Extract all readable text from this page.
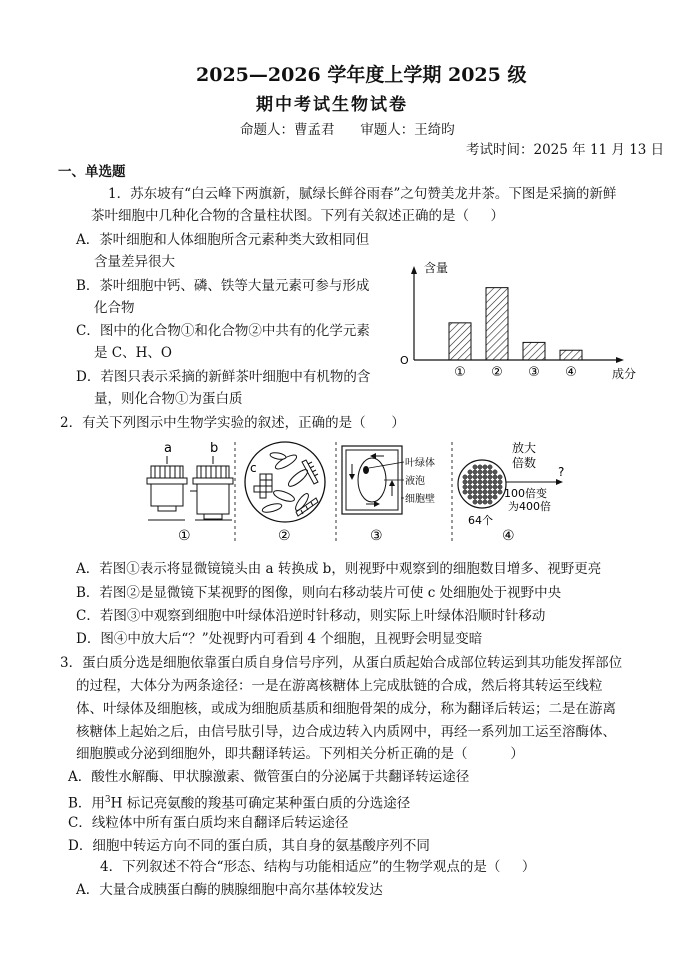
2025—2026 学年度上学期 2025 级
期中考试生物试卷
命题人：曹孟君      审题人：王绮昀
考试时间：2025 年 11 月 13 日
一、单选题
1．苏东坡有“白云峰下两旗新，腻绿长鲜谷雨春”之句赞美龙井茶。下图是采摘的新鲜
茶叶细胞中几种化合物的含量柱状图。下列有关叙述正确的是（     ）
A．茶叶细胞和人体细胞所含元素种类大致相同但
含量差异很大
B．茶叶细胞中钙、磷、铁等大量元素可参与形成
化合物
C．图中的化合物①和化合物②中共有的化学元素
是 C、H、O
D．若图只表示采摘的新鲜茶叶细胞中有机物的含
量，则化合物①为蛋白质
含量
成分
O
① ② ③ ④
2．有关下列图示中生物学实验的叙述，正确的是（      ）
a	b
①
c
②
叶绿体
液泡
细胞壁
③
放大
倍数
?
100倍变
为400倍
64个
④
A．若图①表示将显微镜镜头由 a 转换成 b，则视野中观察到的细胞数目增多、视野更亮
B．若图②是显微镜下某视野的图像，则向右移动装片可使 c 处细胞处于视野中央
C．若图③中观察到细胞中叶绿体沿逆时针移动，则实际上叶绿体沿顺时针移动
D．图④中放大后“？”处视野内可看到 4 个细胞，且视野会明显变暗
3．蛋白质分选是细胞依靠蛋白质自身信号序列，从蛋白质起始合成部位转运到其功能发挥部位
的过程，大体分为两条途径：一是在游离核糖体上完成肽链的合成，然后将其转运至线粒
体、叶绿体及细胞核，或成为细胞质基质和细胞骨架的成分，称为翻译后转运；二是在游离
核糖体上起始之后，由信号肽引导，边合成边转入内质网中，再经一系列加工运至溶酶体、
细胞膜或分泌到细胞外，即共翻译转运。下列相关分析正确的是（          ）
A．酸性水解酶、甲状腺激素、微管蛋白的分泌属于共翻译转运途径
B．用$^3$H 标记亮氨酸的羧基可确定某种蛋白质的分选途径
C．线粒体中所有蛋白质均来自翻译后转运途径
D．细胞中转运方向不同的蛋白质，其自身的氨基酸序列不同
4．下列叙述不符合“形态、结构与功能相适应”的生物学观点的是（     ）
A．大量合成胰蛋白酶的胰腺细胞中高尔基体较发达
